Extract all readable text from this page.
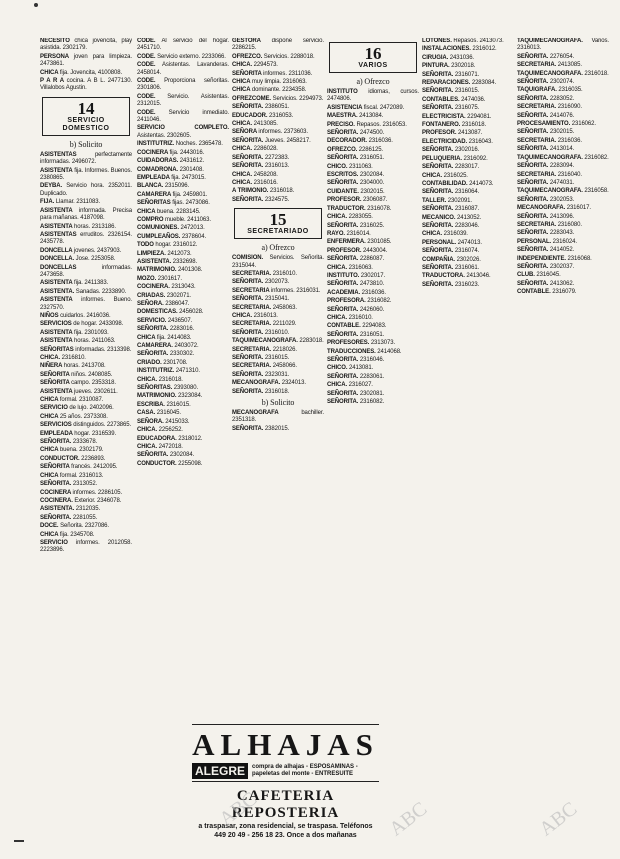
NECESITO chica jovencita, play asistida. 2302179.
PERSONA joven para limpieza. 2473861.
CHICA fija. Jovencita, 4100808.
P A R A cocina. A B L. 2477130. Villalobos Agustin.
14
SERVICIO DOMESTICO
b) Solicito
ASISTENTAS perfectamente informadas. 2496072.
ASISTENTA fija. Informes. Buenos. 2380865.
DEYBA. Servicio hora. 2352011. Duplicado.
FIJA. Llamar. 2311083.
ASISTENTA informada. Precisa para mañanas. 4187098.
ASISTENTA horas. 2313186.
ASISTENTAS erruditos. 2326154. 2435778.
DONCELLA jovenes. 2437903.
DONCELLA. Jose. 2253058.
DONCELLAS informadas. 2473658.
ASISTENTA fija. 2411383.
ASISTENTA. Sanadas. 2233890.
ASISTENTA informes. Bueno. 2327570.
NIÑOS cuidarlos. 2416036.
SERVICIOS de hogar. 2433098.
ASISTENTA fija. 2301093.
ASISTENTA horas. 2411063.
SEÑORITAS informadas. 2313398.
CHICA. 2316810.
NIÑERA horas. 2413708.
SEÑORITA niños. 2408085.
SEÑORITA campo. 2353318.
ASISTENTA jueves. 2302611.
CHICA formal. 2310087.
SERVICIO de lujo. 2402096.
CHICA 25 años. 2373308.
SERVICIOS distinguidos. 2273865.
EMPLEADA hogar. 2316539.
SEÑORITA. 2333678.
CHICA buena. 2302179.
CONDUCTOR. 2236893.
SEÑORITA francés. 2412095.
CHICA formal. 2316013.
SEÑORITA. 2313052.
COCINERA informes. 2286105.
COCINERA. Exterior. 2346078.
ASISTENTA. 2312035.
SEÑORITA. 2281055.
DOCE. Señorita. 2327086.
CHICA fija. 2345708.
SERVICIO informes. 2012058. 2223896.
CODE. Al servicio del hogar. 2451710.
CODE. Servicio externo. 2233066.
CODE. Asistentas. Lavanderas. 2458014.
CODE. Proporciona señoritas. 2301806.
CODE. Servicio. Asistentas. 2312015.
CODE. Servicio inmediato. 2411046.
SERVICIO COMPLETO. Asistentas. 2302605.
INSTITUTRIZ. Noches. 2365478.
COCINERA fija. 2443016.
CUIDADORAS. 2431612.
COMADRONA. 2301408.
EMPLEADA fija. 2473015.
BLANCA. 2315096.
CAMARERA fija. 2459801.
SEÑORITAS fijas. 2473086.
CHICA buena. 2283145.
COMPRO mueble. 2411063.
COMUNIONES. 2472013.
CUMPLEAÑOS. 2378604.
TODO hogar. 2316012.
LIMPIEZA. 2412073.
ASISTENTA. 2332698.
MATRIMONIO. 2401308.
MOZO. 2301617.
COCINERA. 2313043.
CRIADAS. 2302071.
SEÑORA. 2386047.
DOMESTICAS. 2456028.
SERVICIO. 2436507.
SEÑORITA. 2283016.
CHICA fija. 2414083.
CAMARERA. 2403072.
SEÑORITA. 2330302.
CRIADO. 2301708.
INSTITUTRIZ. 2471310.
CHICA. 2316018.
SEÑORITAS. 2393080.
MATRIMONIO. 2323084.
ESCRIBA. 2316015.
CASA. 2316045.
SEÑORA. 2415033.
CHICA. 2256252.
EDUCADORA. 2318012.
CHICA. 2472018.
SEÑORITA. 2302084.
CONDUCTOR. 2255098.
GESTORA dispone servicio. 2286215.
OFREZCO. Servicios. 2288018.
CHICA. 2294573.
SEÑORITA informes. 2311036.
CHICA muy limpia. 2316063.
CHICA dominante. 2234358.
OFREZCOME. Servicios. 2294973.
SEÑORITA. 2386051.
EDUCADOR. 2316053.
CHICA. 2413085.
SEÑORA informes. 2373603.
SEÑORITA. Jueves. 2458217.
CHICA. 2286028.
SEÑORITA. 2272383.
SEÑORITA. 2316013.
CHICA. 2458208.
CHICA. 2316016.
A TRIMONIO. 2316018.
SEÑORITA. 2324575.
15
SECRETARIADO
a) Ofrezco
COMISION. Servicios. Señorita. 2315044.
SECRETARIA. 2316010.
SEÑORITA. 2302073.
SECRETARIA informes. 2316031.
SEÑORITA. 2315041.
SECRETARIA. 2458063.
CHICA. 2316013.
SECRETARIA. 2211029.
SEÑORITA. 2316010.
TAQUIMECANOGRAFA. 2283018.
SECRETARIA. 2218026.
SEÑORITA. 2316015.
SECRETARIA. 2458066.
SEÑORITA. 2323031.
MECANOGRAFA. 2324013.
SEÑORITA. 2316018.
b) Solicito
MECANOGRAFA bachiller. 2351318.
SEÑORITA. 2382015.
16
VARIOS
a) Ofrezco
INSTITUTO idiomas, cursos. 2474806.
ASISTENCIA fiscal. 2472089.
MAESTRA. 2413084.
PRECISO. Repasos. 2316053.
SEÑORITA. 2474500.
DECORADOR. 2316036.
OFREZCO. 2286125.
SEÑORITA. 2316051.
CHICO. 2311063.
ESCRITOS. 2302084.
SEÑORITA. 2304000.
CUIDANTE. 2302015.
PROFESOR. 2306087.
TRADUCTOR. 2316078.
CHICA. 2283055.
SEÑORITA. 2316025.
RAYO. 2316014.
ENFERMERA. 2301085.
PROFESOR. 2443004.
SEÑORITA. 2286087.
CHICA. 2316063.
INSTITUTO. 2302017.
SEÑORITA. 2473810.
ACADEMIA. 2316036.
PROFESORA. 2316082.
SEÑORITA. 2426060.
CHICA. 2316010.
CONTABLE. 2294083.
SEÑORITA. 2316051.
PROFESORES. 2313073.
TRADUCCIONES. 2414068.
SEÑORITA. 2316046.
CHICO. 2413081.
SEÑORITA. 2283061.
CHICA. 2316027.
SEÑORITA. 2302081.
SEÑORITA. 2316082.
LOTONES. Repasos. 2413073.
INSTALACIONES. 2316012.
CIRUGIA. 2431036.
PINTURA. 2302018.
SEÑORITA. 2316071.
REPARACIONES. 2283084.
SEÑORITA. 2316015.
CONTABLES. 2474036.
SEÑORITA. 2316075.
ELECTRICISTA. 2294081.
FONTANERO. 2316018.
PROFESOR. 2413087.
ELECTRICIDAD. 2316043.
SEÑORITA. 2302016.
PELUQUERIA. 2316092.
SEÑORITA. 2283017.
CHICA. 2316025.
CONTABILIDAD. 2414073.
SEÑORITA. 2316064.
TALLER. 2302091.
SEÑORITA. 2316087.
MECANICO. 2413052.
SEÑORITA. 2283046.
CHICA. 2316039.
PERSONAL. 2474013.
SEÑORITA. 2316074.
COMPAÑIA. 2302026.
SEÑORITA. 2316061.
TRADUCTORA. 2413046.
SEÑORITA. 2316023.
TAQUIMECANOGRAFA. Varios. 2316013.
SEÑORITA. 2276054.
SECRETARIA. 2413085.
TAQUIMECANOGRAFA. 2316018.
SEÑORITA. 2302074.
TAQUIGRAFA. 2316035.
SEÑORITA. 2283052.
SECRETARIA. 2316090.
SEÑORITA. 2414076.
PROCESAMIENTO. 2316062.
SEÑORITA. 2302015.
SECRETARIA. 2316036.
SEÑORITA. 2413014.
TAQUIMECANOGRAFA. 2316082.
SEÑORITA. 2283094.
SECRETARIA. 2316040.
SEÑORITA. 2474031.
TAQUIMECANOGRAFA. 2316058.
SEÑORITA. 2302053.
MECANOGRAFA. 2316017.
SEÑORITA. 2413096.
SECRETARIA. 2316080.
SEÑORITA. 2283043.
PERSONAL. 2316024.
SEÑORITA. 2414052.
INDEPENDIENTE. 2316068.
SEÑORITA. 2302037.
CLUB. 2316045.
SEÑORITA. 2413062.
CONTABLE. 2316079.
ALHAJAS
ALEGRE	compra de alhajas - ESPOSAMINAS - papeletas del monte - ENTRESUITE
CAFETERIA REPOSTERIA
a traspasar, zona residencial, se traspasa. Teléfonos 449 20 49 - 256 18 23. Once a dos mañanas
ABC	ABC	ABC
